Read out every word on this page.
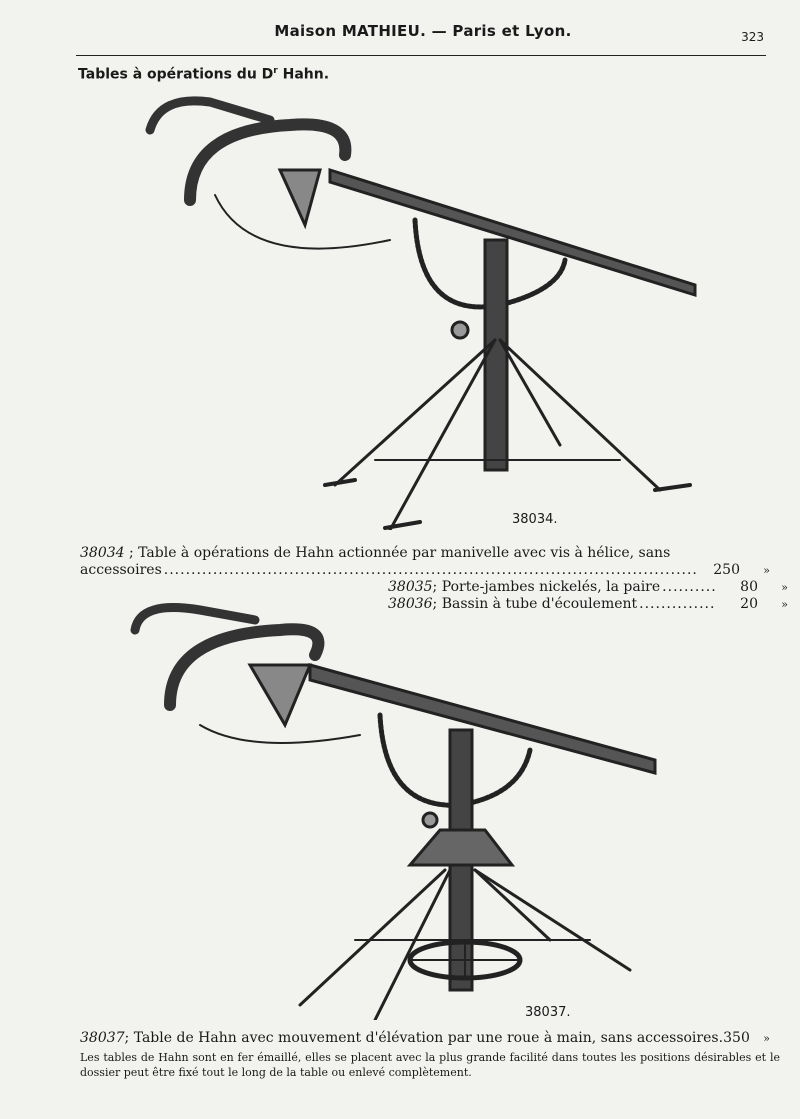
Maison MATHIEU. — Paris et Lyon.	323
Tables à opérations du $D^r$ Hahn.
38034.
38034 ; Table à opérations de Hahn actionnée par manivelle avec vis à hélice, sans
accessoires .....	250	»
38035 ; Porte-jambes nickelés, la paire .....	80	»
38036 ; Bassin à tube d'écoulement .....	20	»
38037.
38037 ; Table de Hahn avec mouvement d'élévation par une roue à main, sans accessoires. 350	»
Les tables de Hahn sont en fer émaillé, elles se placent avec la plus grande facilité dans toutes les positions désirables et le dossier peut être fixé tout le long de la table ou enlevé complètement.
